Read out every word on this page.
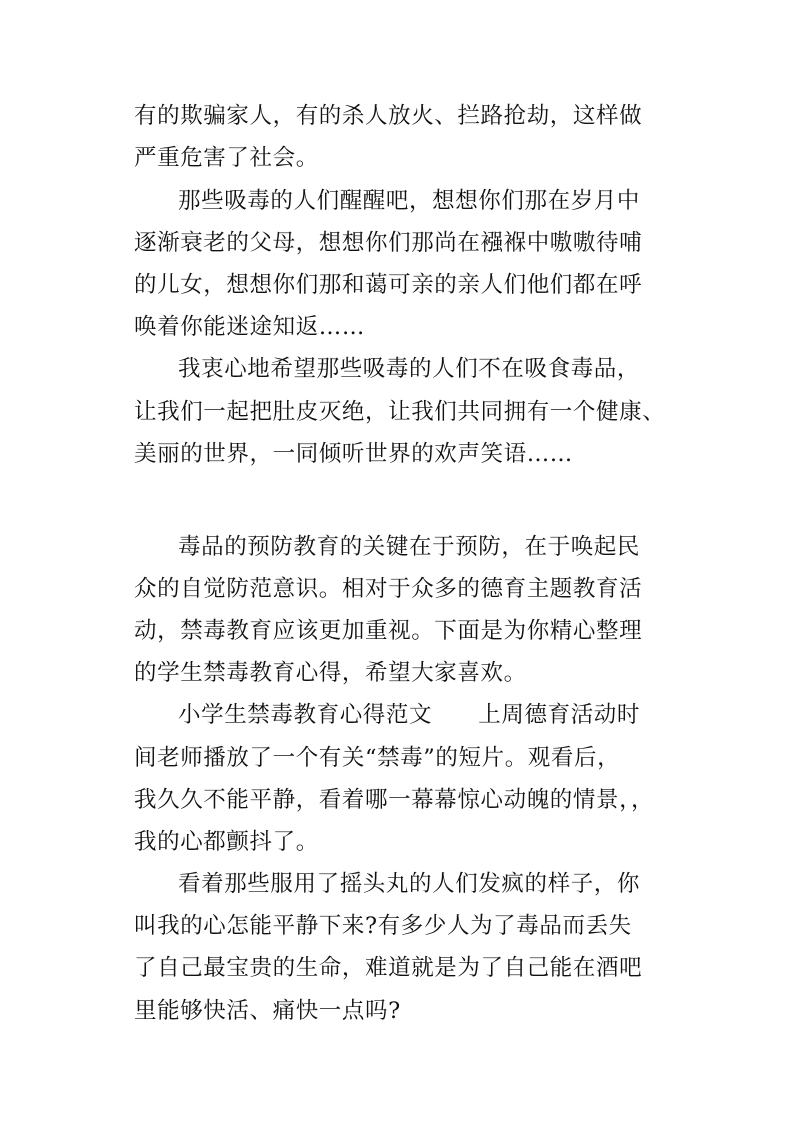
有的欺骗家人，有的杀人放火、拦路抢劫，这样做

严重危害了社会。

那些吸毒的人们醒醒吧，想想你们那在岁月中

逐渐衰老的父母，想想你们那尚在襁褓中嗷嗷待哺

的儿女，想想你们那和蔼可亲的亲人们他们都在呼

唤着你能迷途知返……

我衷心地希望那些吸毒的人们不在吸食毒品，

让我们一起把肚皮灭绝，让我们共同拥有一个健康、

美丽的世界，一同倾听世界的欢声笑语……

毒品的预防教育的关键在于预防，在于唤起民

众的自觉防范意识。相对于众多的德育主题教育活

动，禁毒教育应该更加重视。下面是为你精心整理

的学生禁毒教育心得，希望大家喜欢。

小学生禁毒教育心得范文　　上周德育活动时

间老师播放了一个有关“禁毒”的短片。观看后，

我久久不能平静，看着哪一幕幕惊心动魄的情景，，

我的心都颤抖了。

看着那些服用了摇头丸的人们发疯的样子，你

叫我的心怎能平静下来?有多少人为了毒品而丢失

了自己最宝贵的生命，难道就是为了自己能在酒吧

里能够快活、痛快一点吗?
